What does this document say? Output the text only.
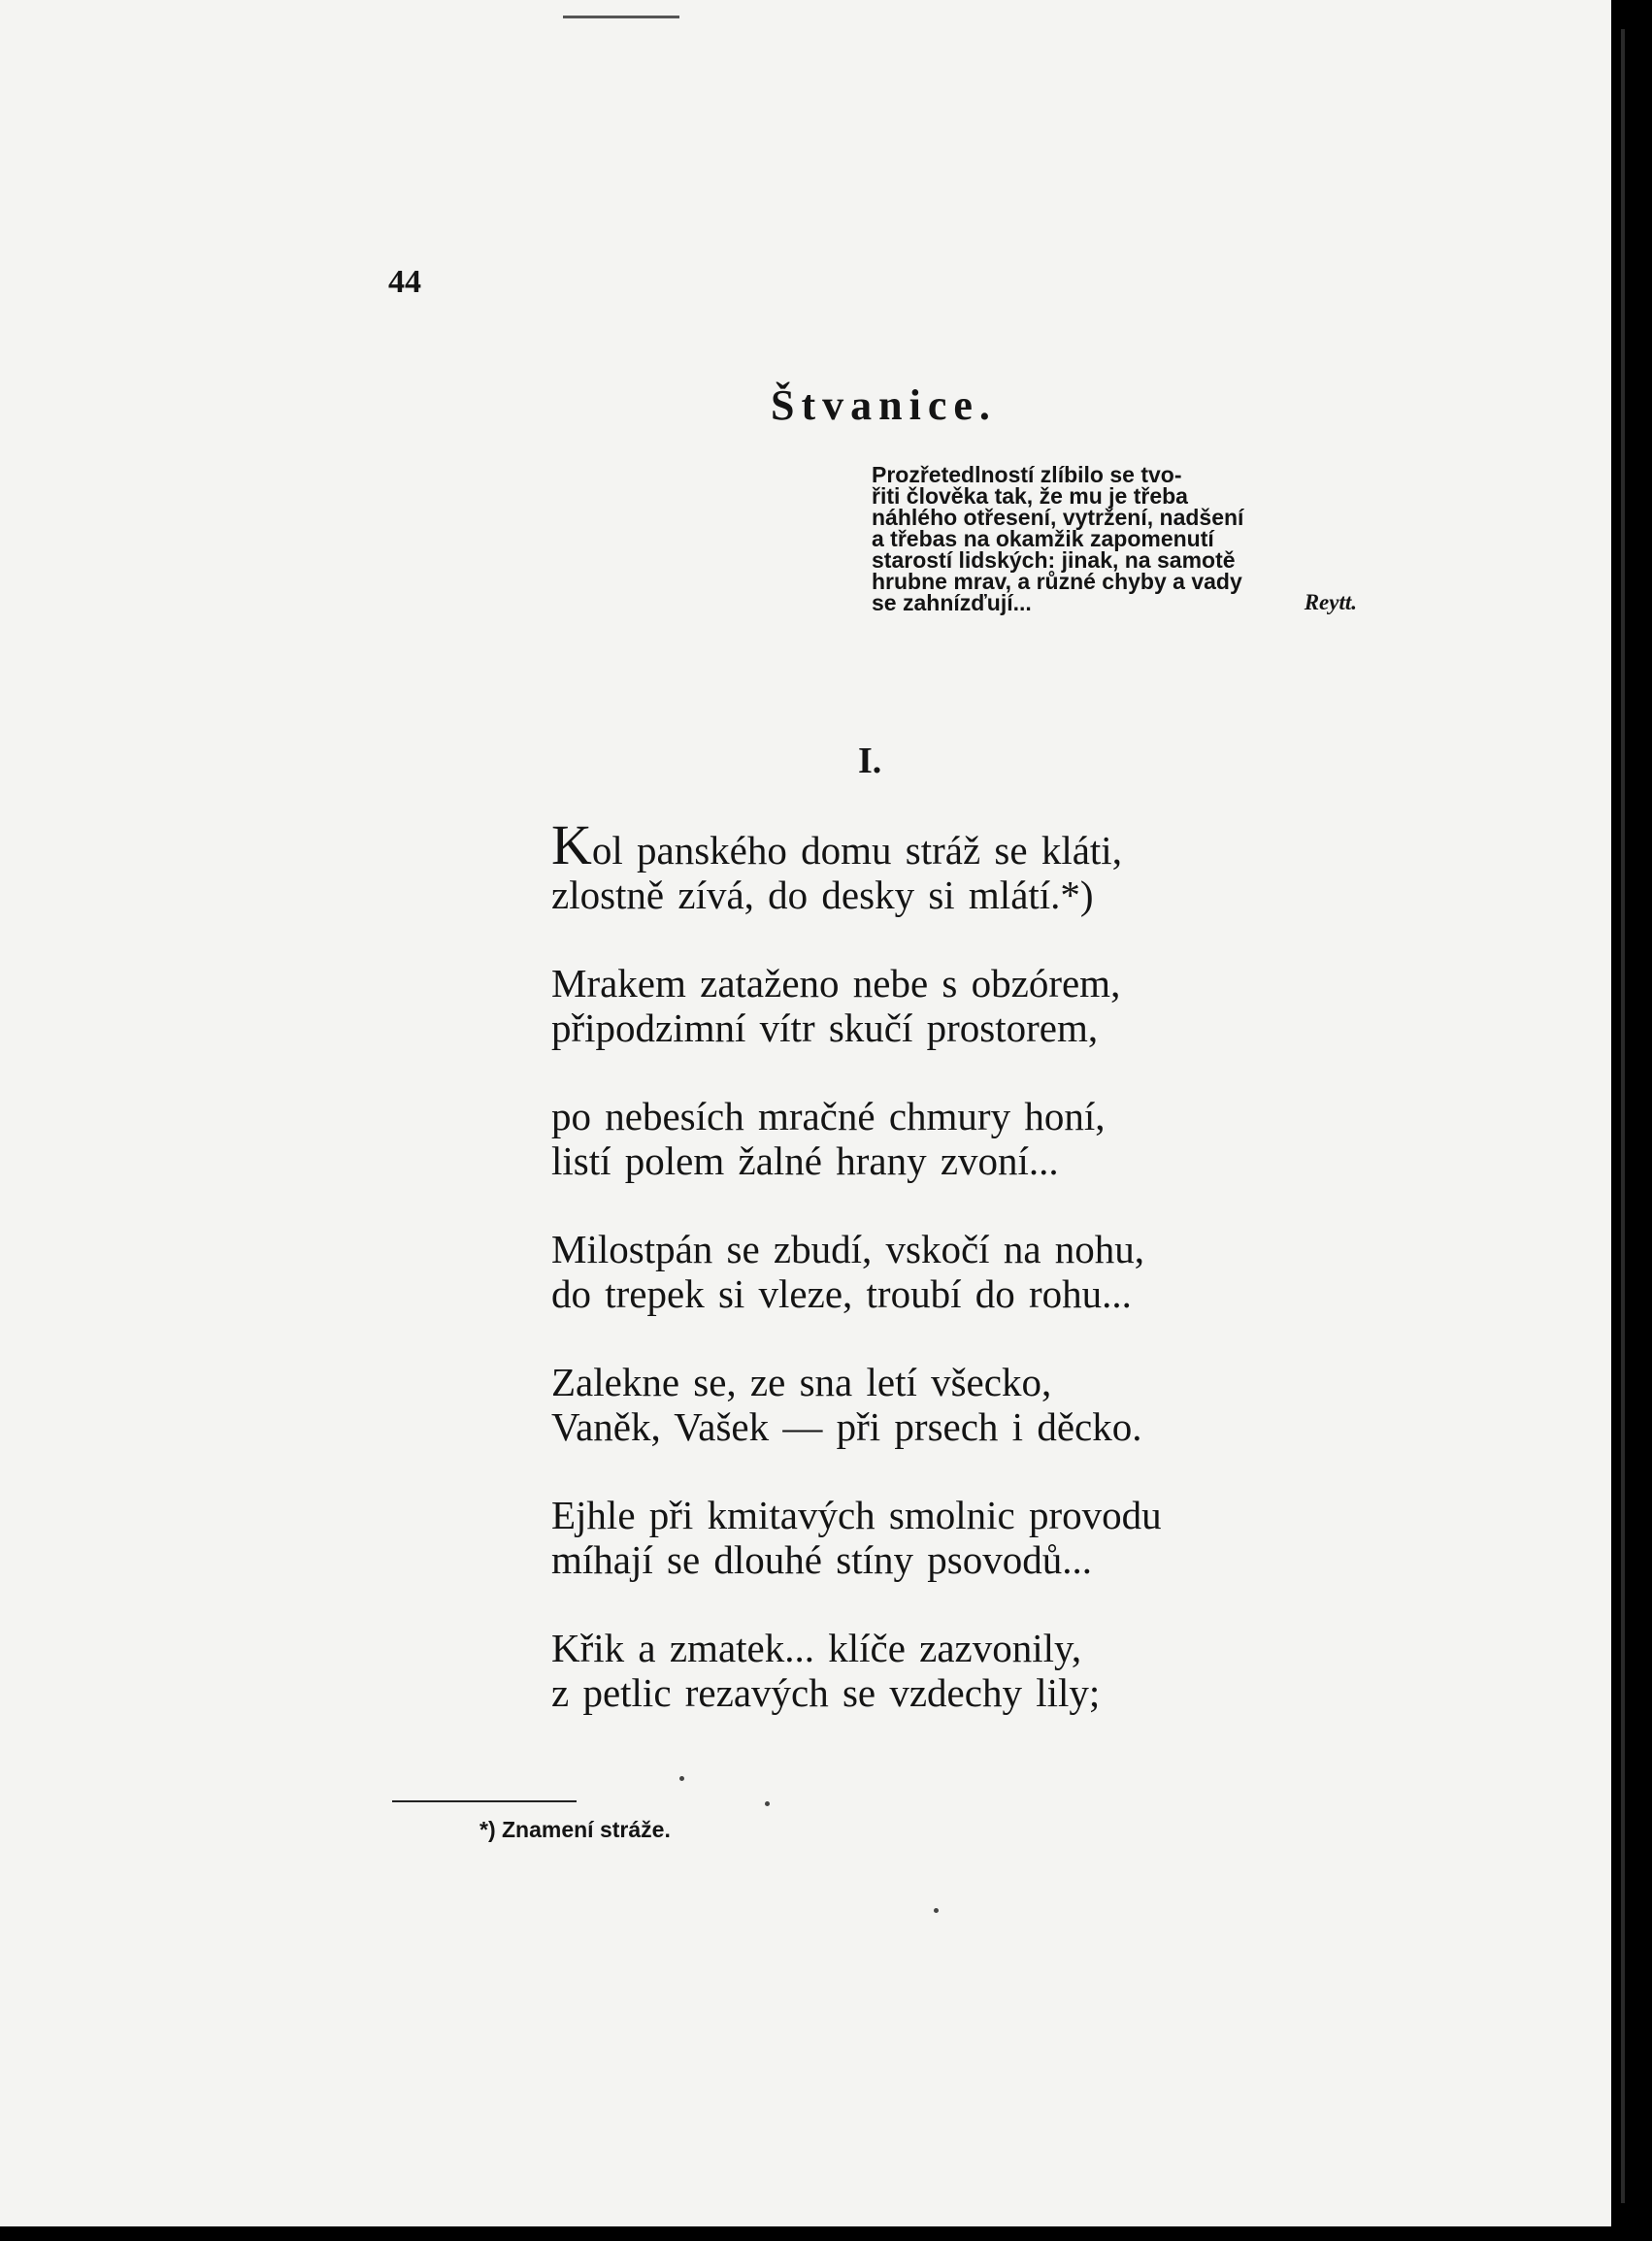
44
Štvanice.
Prozřetedlností zlíbilo se tvo-
řiti člověka tak, že mu je třeba
náhlého otřesení, vytržení, nadšení
a třebas na okamžik zapomenutí
starostí lidských: jinak, na samotě
hrubne mrav, a různé chyby a vady
se zahnízďují...	Reytt.
I.
Kol panského domu stráž se kláti,
zlostně zívá, do desky si mlátí.*)
Mrakem zataženo nebe s obzórem,
připodzimní vítr skučí prostorem,
po nebesích mračné chmury honí,
listí polem žalné hrany zvoní...
Milostpán se zbudí, vskočí na nohu,
do trepek si vleze, troubí do rohu...
Zalekne se, ze sna letí všecko,
Vaněk, Vašek — při prsech i děcko.
Ejhle při kmitavých smolnic provodu
míhají se dlouhé stíny psovodů...
Křik a zmatek... klíče zazvonily,
z petlic rezavých se vzdechy lily;
*) Znamení stráže.
